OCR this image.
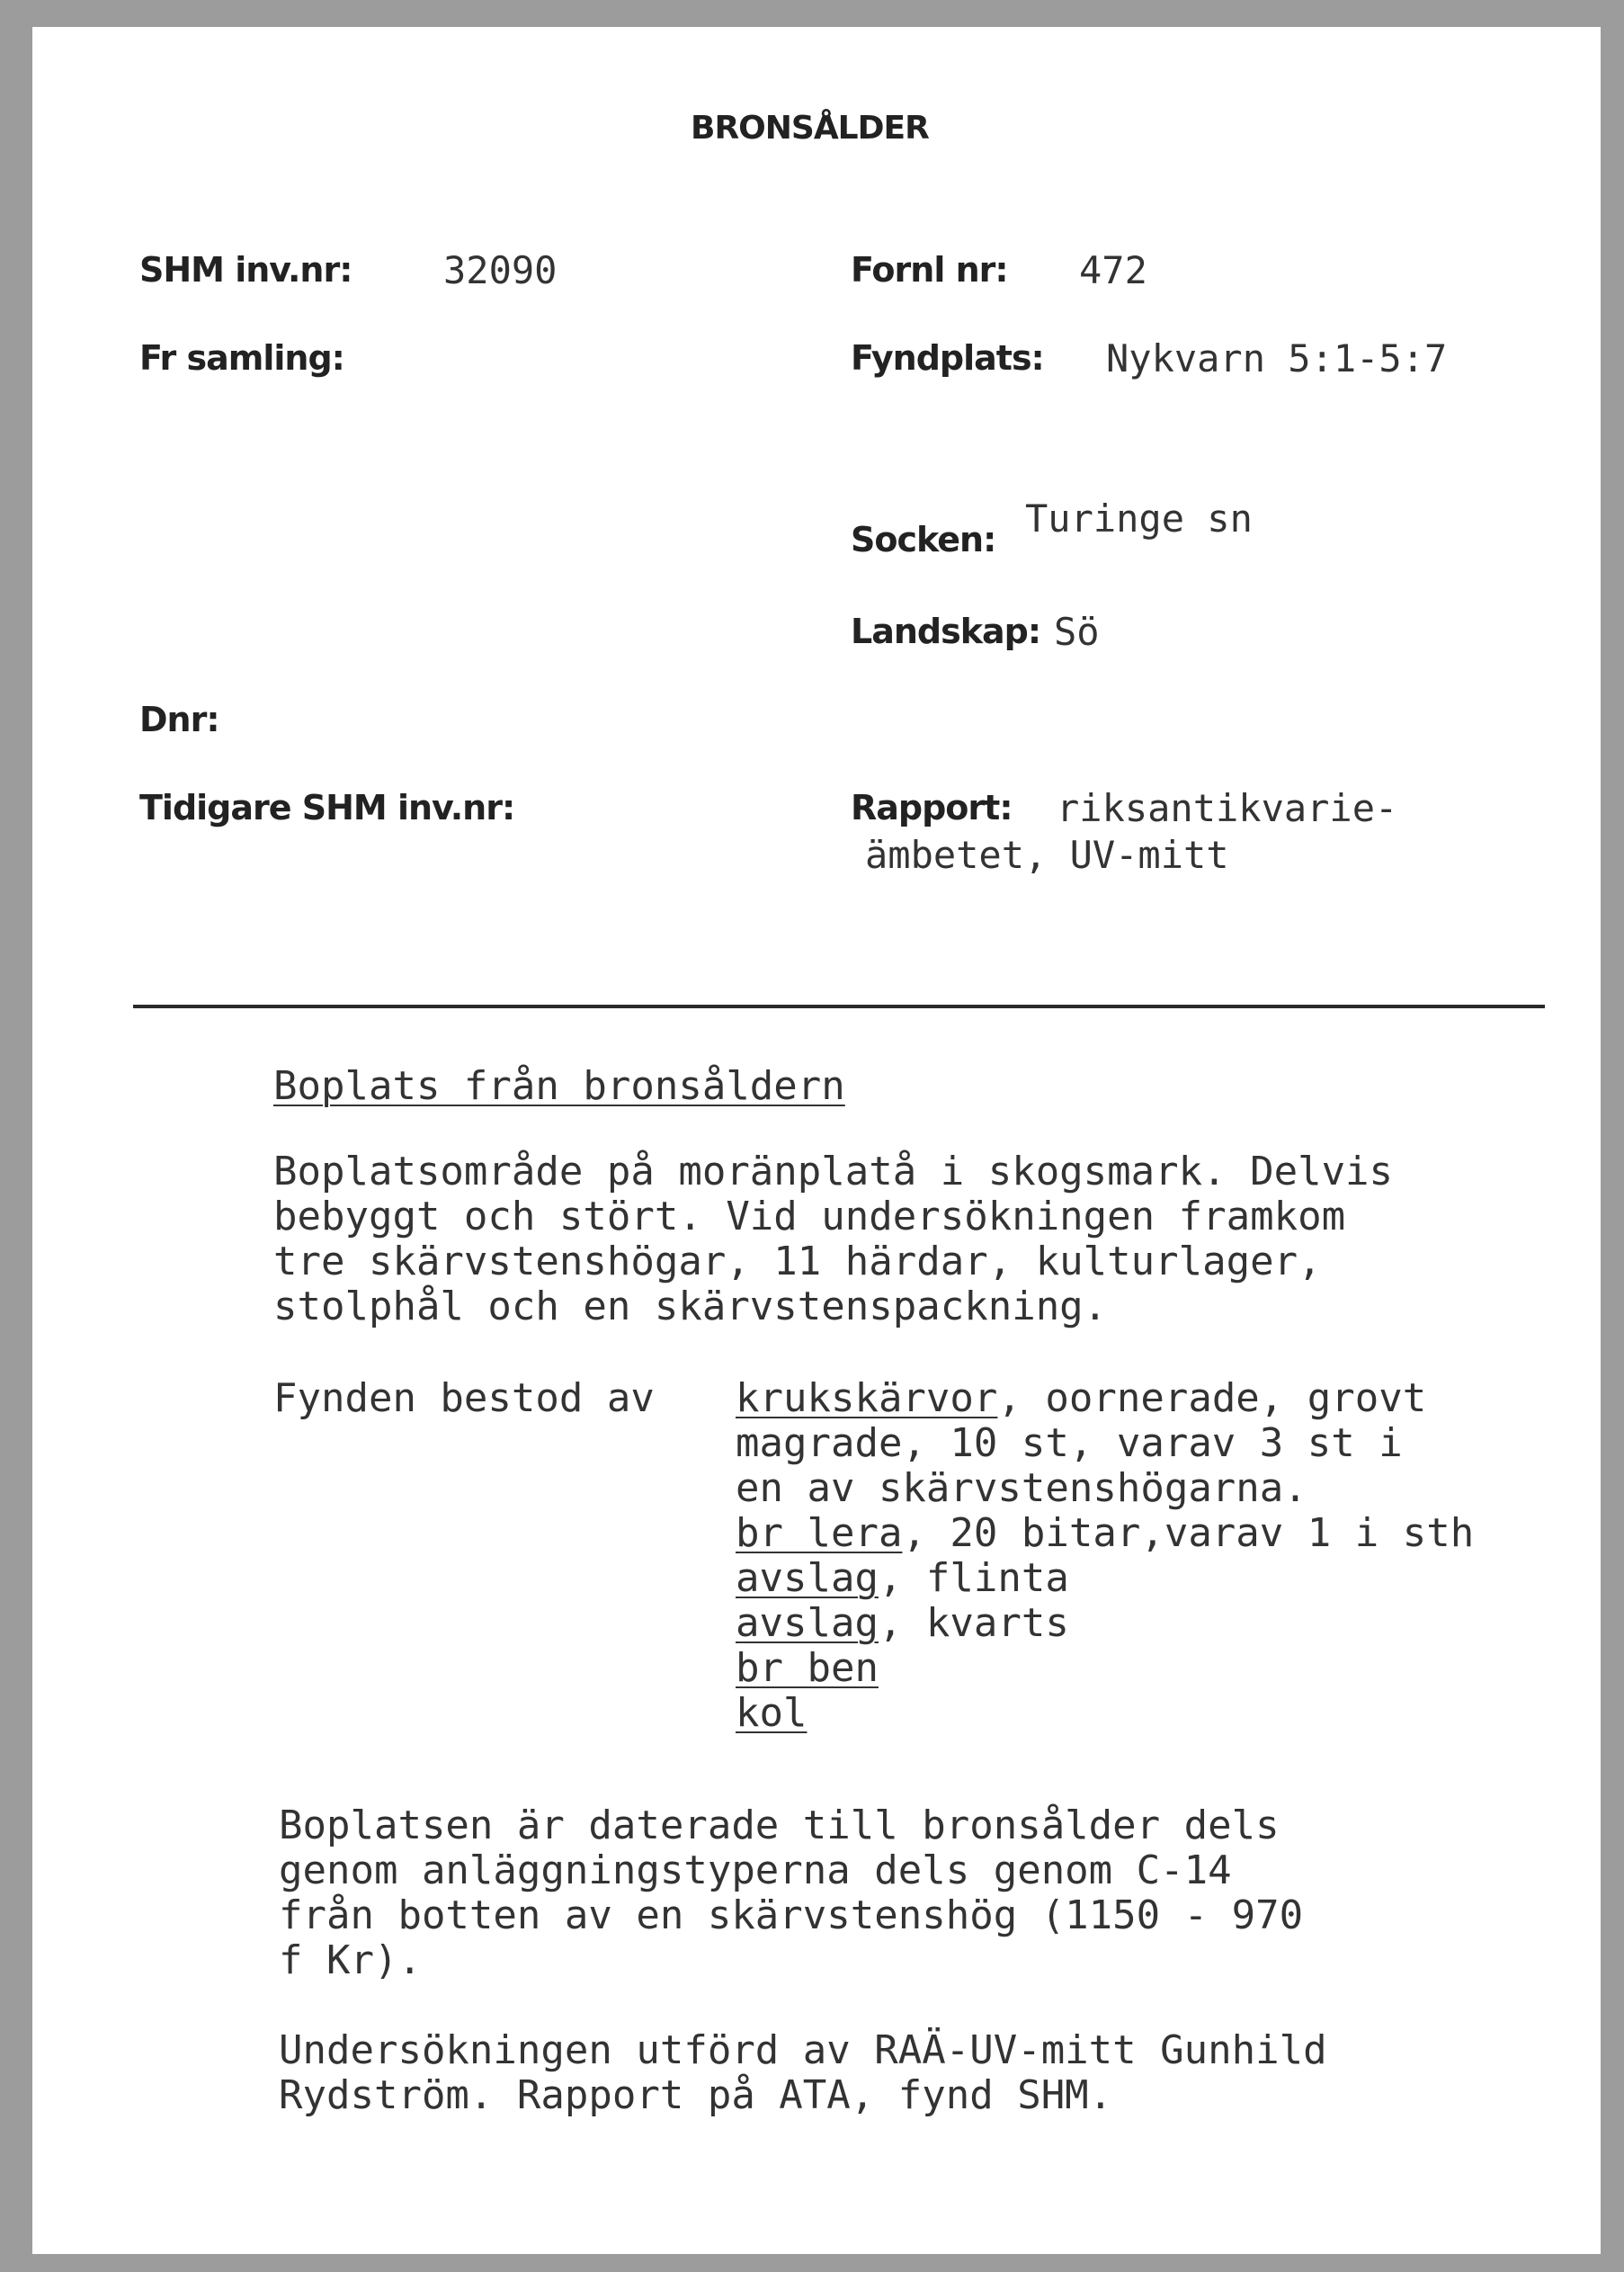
BRONSÅLDER
SHM inv.nr: 32090	Fornl nr: 472
Fr samling:	Fyndplats: Nykvarn 5:1-5:7
Socken: Turinge sn
Landskap: Sö
Dnr:
Tidigare SHM inv.nr:	Rapport: riksantikvarie-
ämbetet, UV-mitt
Boplats från bronsåldern
Boplatsområde på moränplatå i skogsmark. Delvis
bebyggt och stört. Vid undersökningen framkom
tre skärvstenshögar, 11 härdar, kulturlager,
stolphål och en skärvstenspackning.
Fynden bestod av krukskärvor, oornerade, grovt
magrade, 10 st, varav 3 st i
en av skärvstenshögarna.
br lera, 20 bitar,varav 1 i sth
avslag, flinta
avslag, kvarts
br ben
kol
Boplatsen är daterade till bronsålder dels
genom anläggningstyperna dels genom C-14
från botten av en skärvstenshög (1150 - 970
f Kr).
Undersökningen utförd av RAÄ-UV-mitt Gunhild
Rydström. Rapport på ATA, fynd SHM.
